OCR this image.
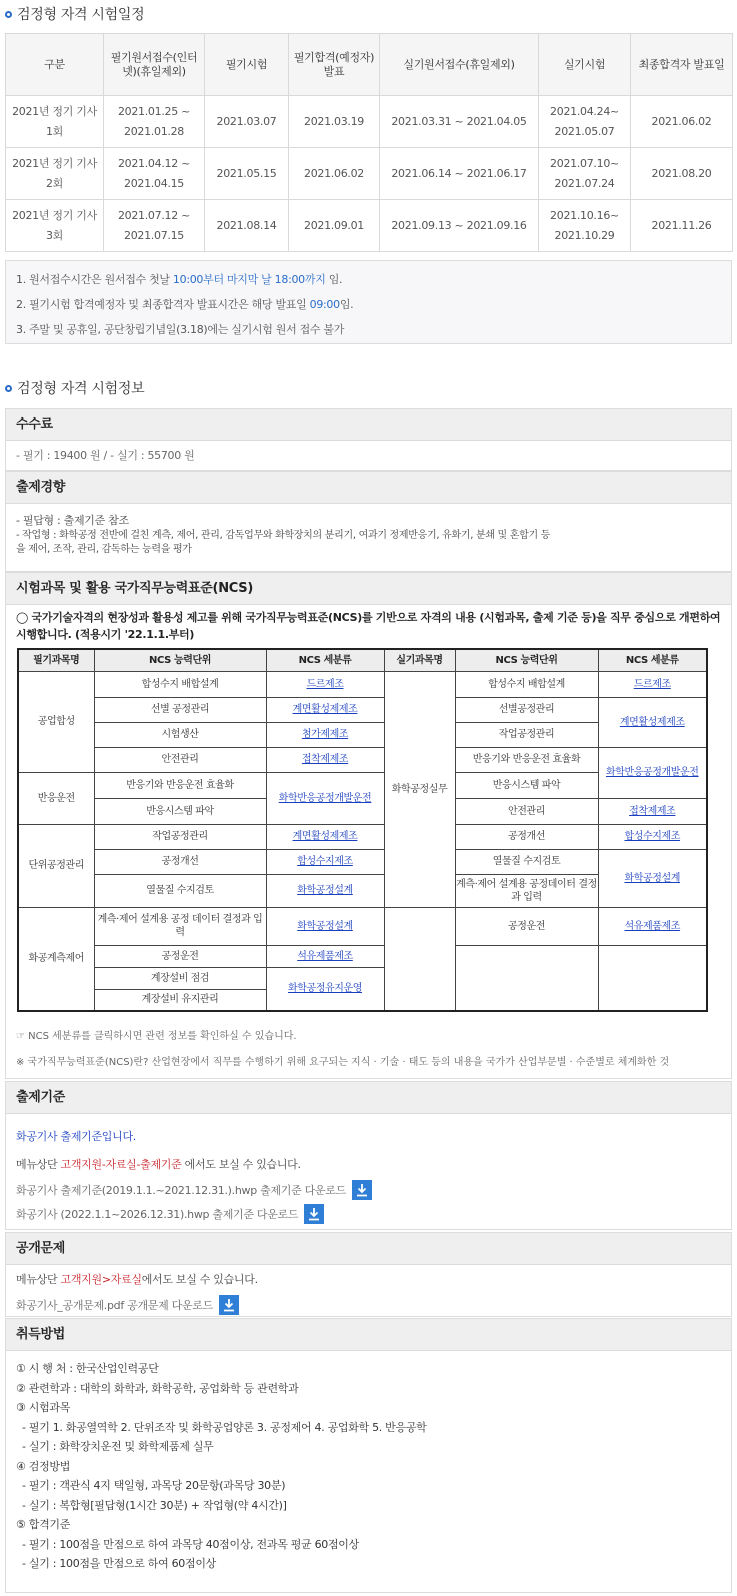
검정형 자격 시험일정
구분	필기원서접수(인터넷)(휴일제외)	필기시험	필기합격(예정자)발표	실기원서접수(휴일제외)	실기시험	최종합격자 발표일
2021년 정기 기사 1회	2021.01.25 ~ 2021.01.28	2021.03.07	2021.03.19	2021.03.31 ~ 2021.04.05	2021.04.24~ 2021.05.07	2021.06.02
2021년 정기 기사 2회	2021.04.12 ~ 2021.04.15	2021.05.15	2021.06.02	2021.06.14 ~ 2021.06.17	2021.07.10~ 2021.07.24	2021.08.20
2021년 정기 기사 3회	2021.07.12 ~ 2021.07.15	2021.08.14	2021.09.01	2021.09.13 ~ 2021.09.16	2021.10.16~ 2021.10.29	2021.11.26
1. 원서접수시간은 원서접수 첫날 10:00부터 마지막 날 18:00까지 임.
2. 필기시험 합격예정자 및 최종합격자 발표시간은 해당 발표일 09:00임.
3. 주말 및 공휴일, 공단창립기념일(3.18)에는 실기시험 원서 접수 불가
검정형 자격 시험정보
수수료
- 필기 : 19400 원 / - 실기 : 55700 원
출제경향
- 필답형 : 출제기준 참조
- 작업형 : 화학공정 전반에 걸친 계측, 제어, 관리, 감독업무와 화학장치의 분리기, 여과기 정제반응기, 유화기, 분쇄 및 혼합기 등
을 제어, 조작, 관리, 감독하는 능력을 평가
시험과목 및 활용 국가직무능력표준(NCS)
◯ 국가기술자격의 현장성과 활용성 제고를 위해 국가직무능력표준(NCS)를 기반으로 자격의 내용 (시험과목, 출제 기준 등)을 직무 중심으로 개편하여 시행합니다. (적용시기 '22.1.1.부터)
☞ NCS 세분류를 클릭하시면 관련 정보를 확인하실 수 있습니다.
※ 국가직무능력표준(NCS)란? 산업현장에서 직무를 수행하기 위해 요구되는 지식 · 기술 · 태도 등의 내용을 국가가 산업부문별 · 수준별로 체계화한 것
필기과목명	NCS 능력단위	NCS 세분류	실기과목명	NCS 능력단위	NCS 세분류
공업합성	합성수지 배합설계	드르제조	화학공정실무	합성수지 배합설계	드르제조
	선별 공정관리	계면활성제제조		선별공정관리	계면활성제제조
	시험생산	첨가제제조		작업공정관리	
	안전관리	접착제제조		반응기와 반응운전 효율화	화학반응공정개발운전
반응운전	반응기와 반응운전 효율화	화학반응공정개발운전		반응시스템 파악	
	반응시스템 파악			안전관리	접착제제조
단위공정관리	작업공정관리	계면활성제제조		공정개선	합성수지제조
	공정개선	합성수지제조		열물질 수지검토	화학공정설계
	열물질 수지검토	화학공정설계		계측·제어 설계용 공정데이터 결정과 입력	
화공계측제어	계측·제어 설계용 공정 데이터 결정과 입력	화학공정설계		공정운전	석유제품제조
	공정운전	석유제품제조			
	계장설비 점검	화학공정유지운영			
	계장설비 유지관리				
출제기준
화공기사 출제기준입니다.
메뉴상단 고객지원-자료실-출제기준 에서도 보실 수 있습니다.
화공기사 출제기준(2019.1.1.~2021.12.31.).hwp 출제기준 다운로드
화공기사 (2022.1.1~2026.12.31).hwp 출제기준 다운로드
공개문제
메뉴상단 고객지원>자료실에서도 보실 수 있습니다.
화공기사_공개문제.pdf 공개문제 다운로드
취득방법
① 시 행 처 : 한국산업인력공단
② 관련학과 : 대학의 화학과, 화학공학, 공업화학 등 관련학과
③ 시험과목
- 필기 1. 화공열역학 2. 단위조작 및 화학공업양론 3. 공정제어 4. 공업화학 5. 반응공학
- 실기 : 화학장치운전 및 화학제품제 실무
④ 검정방법
- 필기 : 객관식 4지 택일형, 과목당 20문항(과목당 30분)
- 실기 : 복합형[필답형(1시간 30분) + 작업형(약 4시간)]
⑤ 합격기준
- 필기 : 100점을 만점으로 하여 과목당 40점이상, 전과목 평균 60점이상
- 실기 : 100점을 만점으로 하여 60점이상
